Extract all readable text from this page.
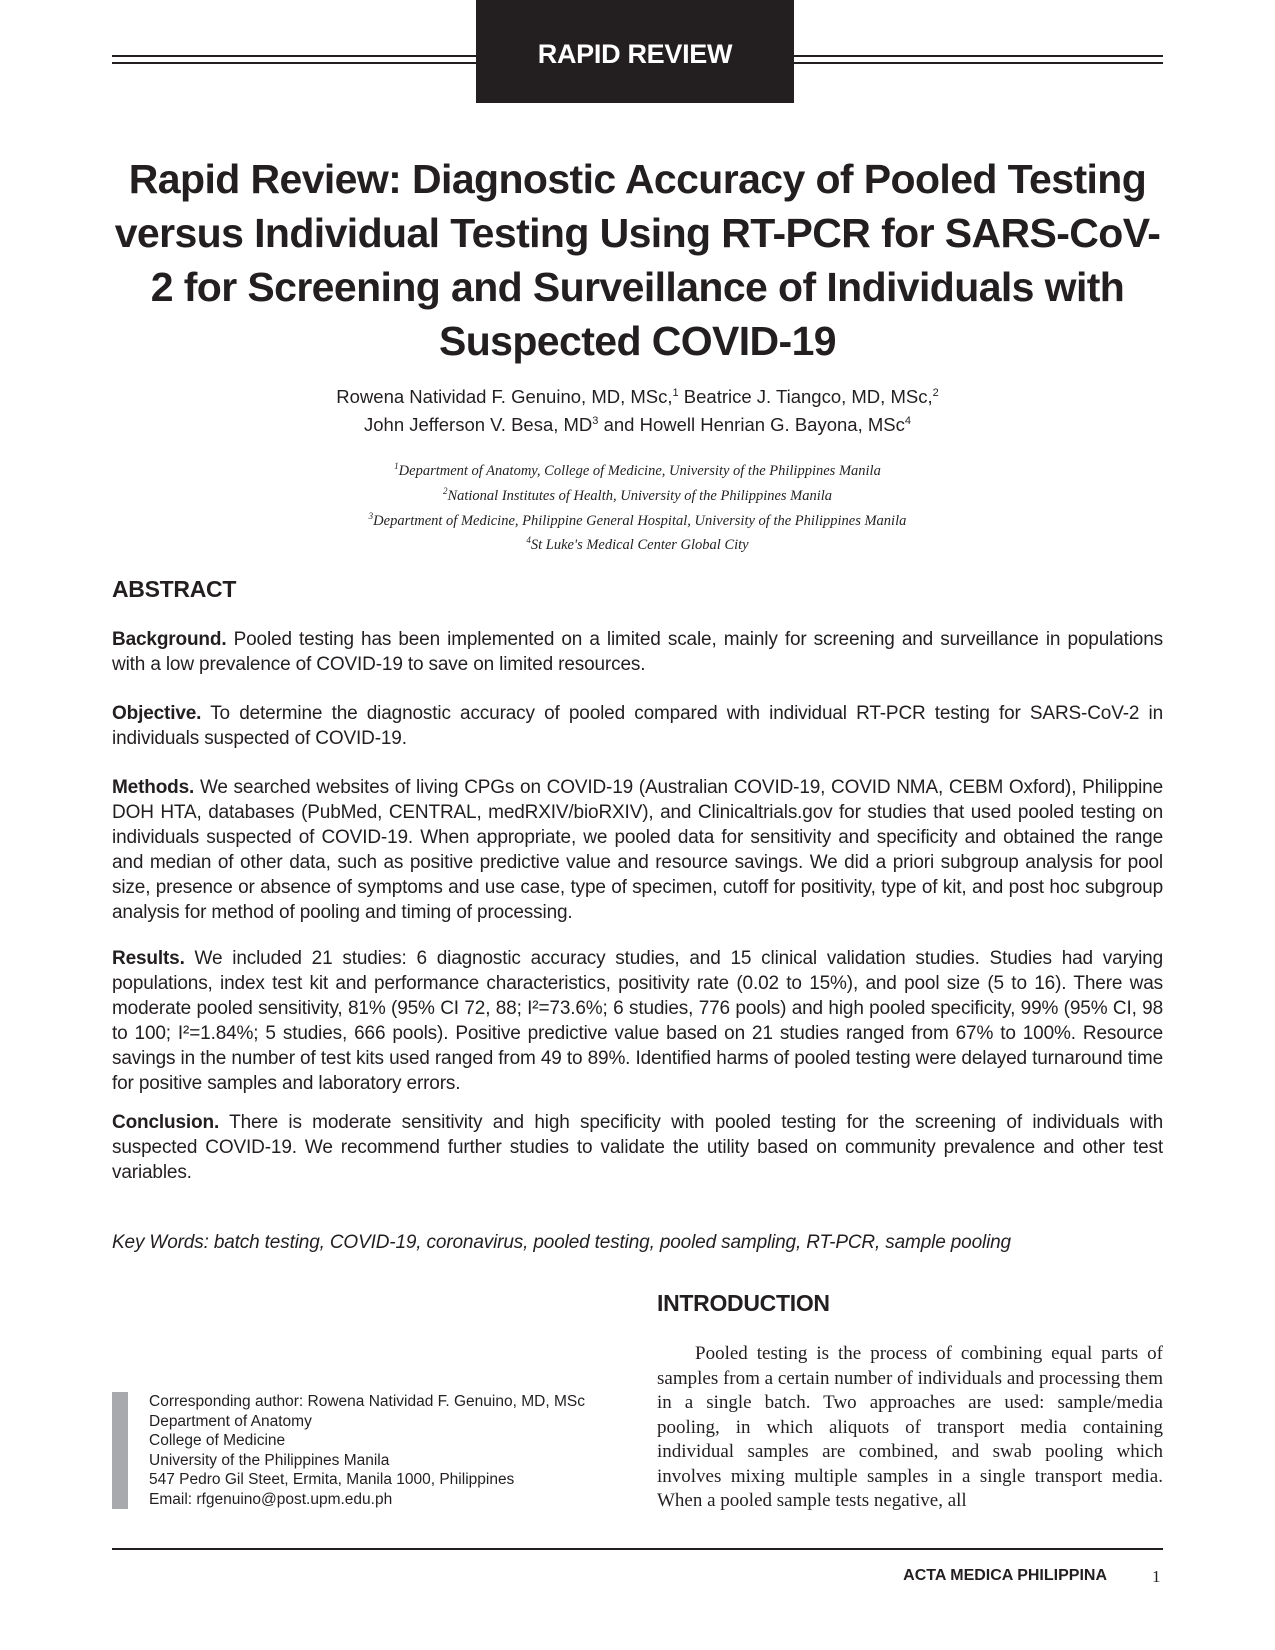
RAPID REVIEW
Rapid Review: Diagnostic Accuracy of Pooled Testing versus Individual Testing Using RT-PCR for SARS-CoV-2 for Screening and Surveillance of Individuals with Suspected COVID-19
Rowena Natividad F. Genuino, MD, MSc,$^1$ Beatrice J. Tiangco, MD, MSc,$^2$
John Jefferson V. Besa, $MD^3$ and Howell Henrian G. Bayona, MSc$^4$
$^1$Department of Anatomy, College of Medicine, University of the Philippines Manila
$^2$National Institutes of Health, University of the Philippines Manila
$^3$Department of Medicine, Philippine General Hospital, University of the Philippines Manila
$^4$St Luke's Medical Center Global City
ABSTRACT

Background. Pooled testing has been implemented on a limited scale, mainly for screening and surveillance in populations with a low prevalence of COVID-19 to save on limited resources.

Objective. To determine the diagnostic accuracy of pooled compared with individual RT-PCR testing for SARS-CoV-2 in individuals suspected of COVID-19.

Methods. We searched websites of living CPGs on COVID-19 (Australian COVID-19, COVID NMA, CEBM Oxford), Philippine DOH HTA, databases (PubMed, CENTRAL, medRXIV/bioRXIV), and Clinicaltrials.gov for studies that used pooled testing on individuals suspected of COVID-19. When appropriate, we pooled data for sensitivity and specificity and obtained the range and median of other data, such as positive predictive value and resource savings. We did a priori subgroup analysis for pool size, presence or absence of symptoms and use case, type of specimen, cutoff for positivity, type of kit, and post hoc subgroup analysis for method of pooling and timing of processing.

Results. We included 21 studies: 6 diagnostic accuracy studies, and 15 clinical validation studies. Studies had varying populations, index test kit and performance characteristics, positivity rate (0.02 to 15%), and pool size (5 to 16). There was moderate pooled sensitivity, 81% (95% CI 72, 88; I²=73.6%; 6 studies, 776 pools) and high pooled specificity, 99% (95% CI, 98 to 100; I²=1.84%; 5 studies, 666 pools). Positive predictive value based on 21 studies ranged from 67% to 100%. Resource savings in the number of test kits used ranged from 49 to 89%. Identified harms of pooled testing were delayed turnaround time for positive samples and laboratory errors.

Conclusion. There is moderate sensitivity and high specificity with pooled testing for the screening of individuals with suspected COVID-19. We recommend further studies to validate the utility based on community prevalence and other test variables.

Key Words: batch testing, COVID-19, coronavirus, pooled testing, pooled sampling, RT-PCR, sample pooling
Corresponding author: Rowena Natividad F. Genuino, MD, MSc
Department of Anatomy
College of Medicine
University of the Philippines Manila
547 Pedro Gil Steet, Ermita, Manila 1000, Philippines
Email: rfgenuino@post.upm.edu.ph
INTRODUCTION

Pooled testing is the process of combining equal parts of samples from a certain number of individuals and processing them in a single batch. Two approaches are used: sample/media pooling, in which aliquots of transport media containing individual samples are combined, and swab pooling which involves mixing multiple samples in a single transport media. When a pooled sample tests negative, all

ACTA MEDICA PHILIPPINA	1
